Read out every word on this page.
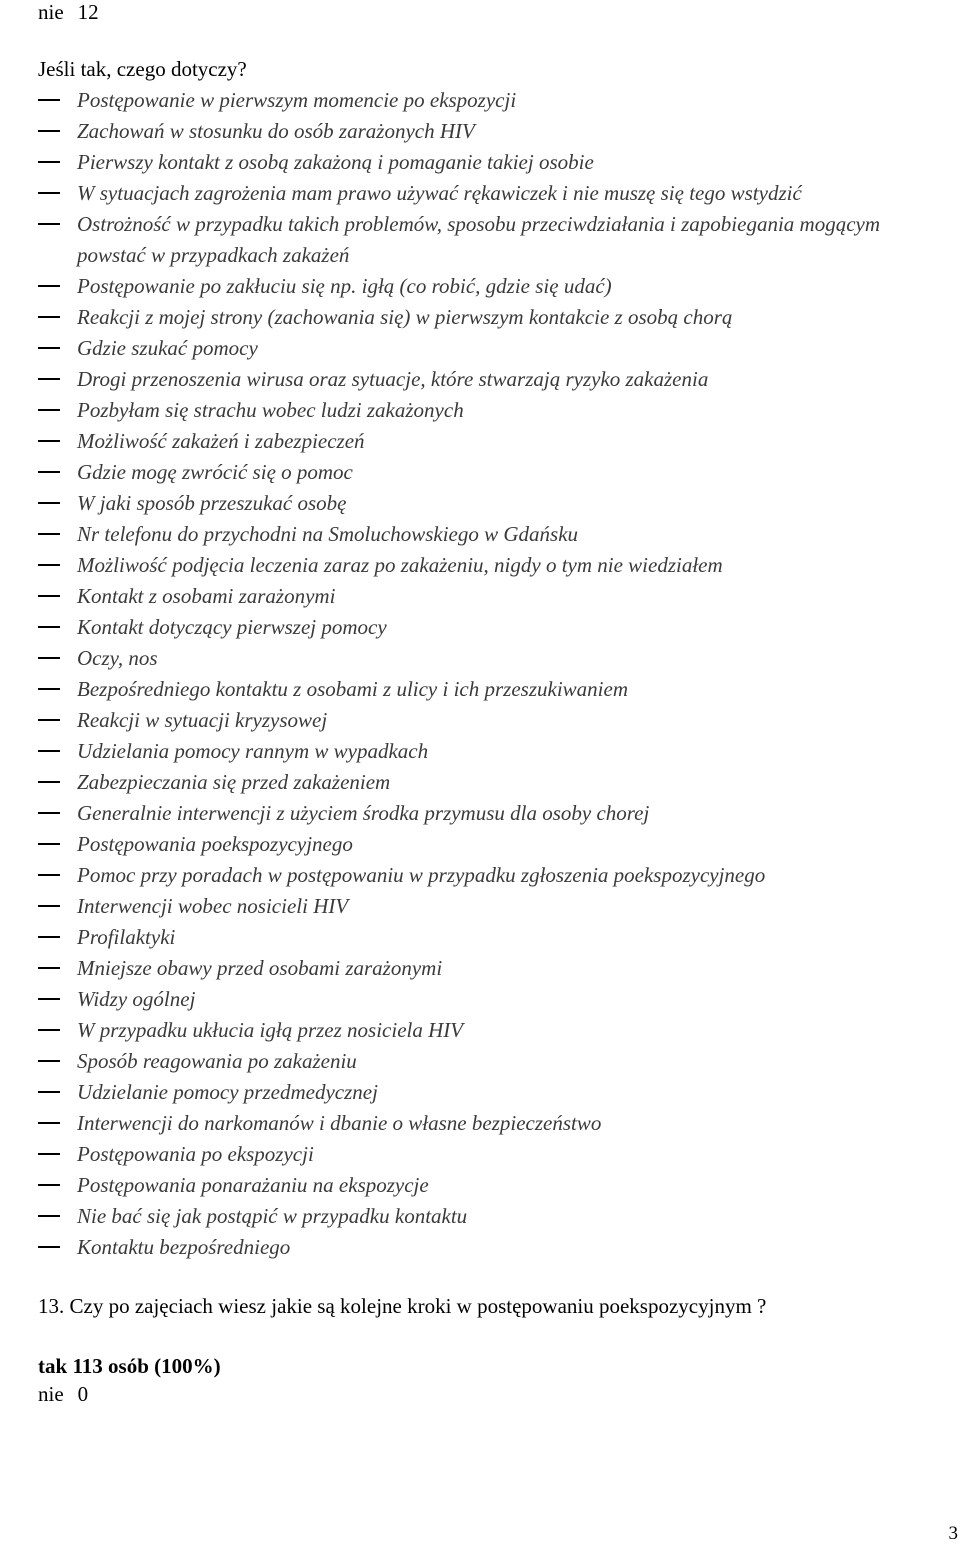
nie 12
Jeśli tak, czego dotyczy?
Postępowanie w pierwszym momencie po ekspozycji
Zachowań w stosunku do osób zarażonych HIV
Pierwszy kontakt z osobą zakażoną i pomaganie takiej osobie
W sytuacjach zagrożenia mam prawo używać rękawiczek i nie muszę się tego wstydzić
Ostrożność w przypadku takich problemów, sposobu przeciwdziałania i zapobiegania mogącym powstać w przypadkach zakażeń
Postępowanie po zakłuciu się np. igłą (co robić, gdzie się udać)
Reakcji z mojej strony (zachowania się) w pierwszym kontakcie z osobą chorą
Gdzie szukać pomocy
Drogi przenoszenia wirusa oraz sytuacje, które stwarzają ryzyko zakażenia
Pozbyłam się strachu wobec ludzi zakażonych
Możliwość zakażeń i zabezpieczeń
Gdzie mogę zwrócić się o pomoc
W jaki sposób przeszukać osobę
Nr telefonu do przychodni na Smoluchowskiego w Gdańsku
Możliwość podjęcia leczenia zaraz po zakażeniu, nigdy o tym nie wiedziałem
Kontakt z osobami zarażonymi
Kontakt dotyczący pierwszej pomocy
Oczy, nos
Bezpośredniego kontaktu z osobami z ulicy i ich przeszukiwaniem
Reakcji w sytuacji kryzysowej
Udzielania pomocy rannym w wypadkach
Zabezpieczania się przed zakażeniem
Generalnie interwencji z użyciem środka przymusu dla osoby chorej
Postępowania poekspozycyjnego
Pomoc przy poradach w postępowaniu w przypadku zgłoszenia poekspozycyjnego
Interwencji wobec nosicieli HIV
Profilaktyki
Mniejsze obawy przed osobami zarażonymi
Widzy ogólnej
W przypadku ukłucia igłą przez nosiciela HIV
Sposób reagowania po zakażeniu
Udzielanie pomocy przedmedycznej
Interwencji do narkomanów i dbanie o własne bezpieczeństwo
Postępowania po ekspozycji
Postępowania ponarażaniu na ekspozycje
Nie bać się jak postąpić w przypadku kontaktu
Kontaktu bezpośredniego
13. Czy po zajęciach wiesz jakie są kolejne kroki w postępowaniu poekspozycyjnym ?
tak 113 osób (100%)
nie 0
3
